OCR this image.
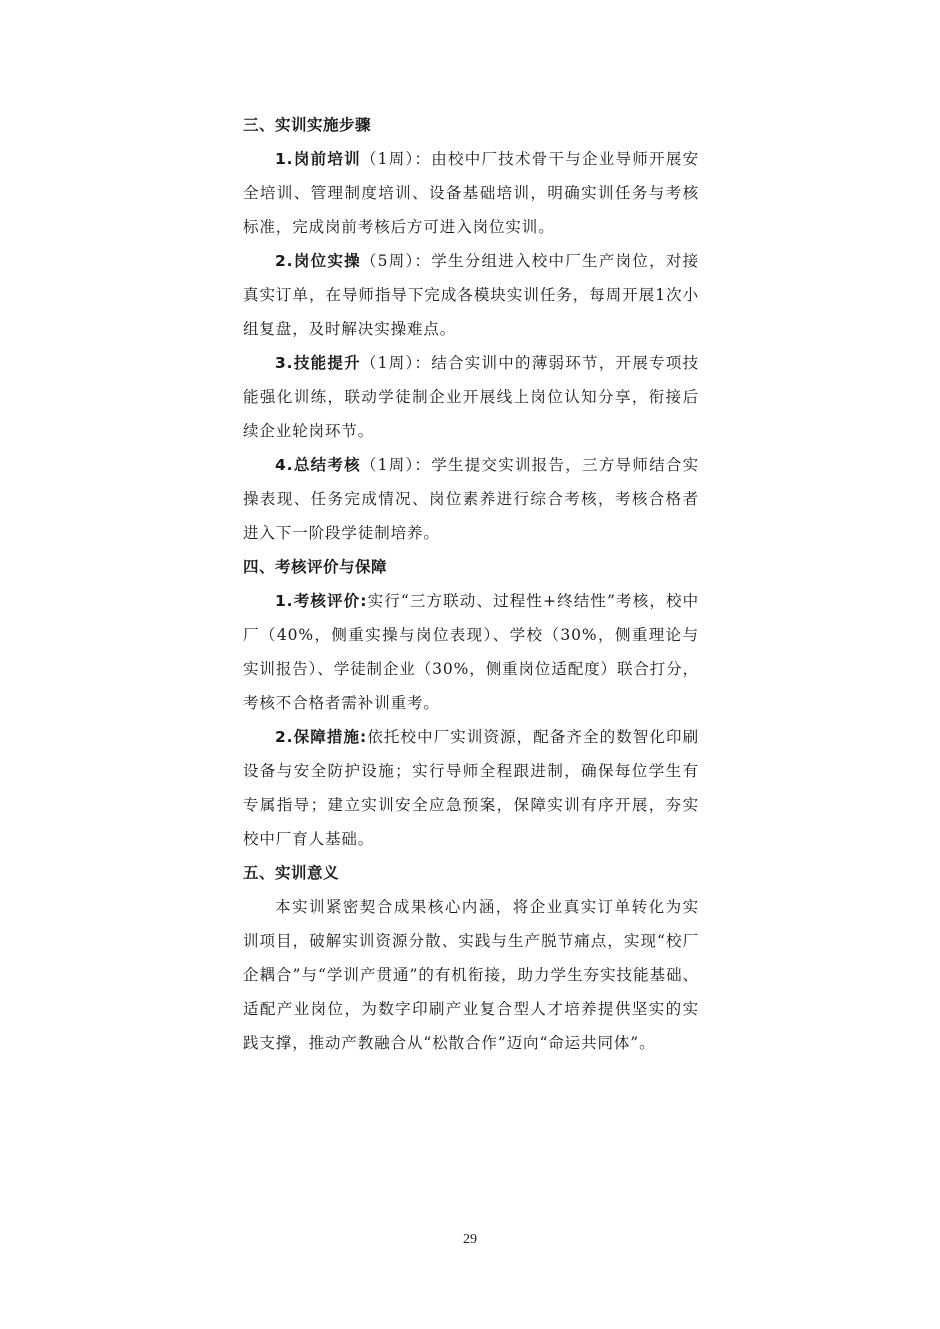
三、实训实施步骤

1.岗前培训（1周）：由校中厂技术骨干与企业导师开展安全培训、管理制度培训、设备基础培训，明确实训任务与考核标准，完成岗前考核后方可进入岗位实训。

2.岗位实操（5周）：学生分组进入校中厂生产岗位，对接真实订单，在导师指导下完成各模块实训任务，每周开展1次小组复盘，及时解决实操难点。

3.技能提升（1周）：结合实训中的薄弱环节，开展专项技能强化训练，联动学徒制企业开展线上岗位认知分享，衔接后续企业轮岗环节。

4.总结考核（1周）：学生提交实训报告，三方导师结合实操表现、任务完成情况、岗位素养进行综合考核，考核合格者进入下一阶段学徒制培养。

四、考核评价与保障

1.考核评价:实行“三方联动、过程性+终结性”考核，校中厂（40%，侧重实操与岗位表现）、学校（30%，侧重理论与实训报告）、学徒制企业（30%，侧重岗位适配度）联合打分，考核不合格者需补训重考。

2.保障措施:依托校中厂实训资源，配备齐全的数智化印刷设备与安全防护设施；实行导师全程跟进制，确保每位学生有专属指导；建立实训安全应急预案，保障实训有序开展，夯实校中厂育人基础。

五、实训意义

本实训紧密契合成果核心内涵，将企业真实订单转化为实训项目，破解实训资源分散、实践与生产脱节痛点，实现“校厂企耦合”与“学训产贯通”的有机衔接，助力学生夯实技能基础、适配产业岗位，为数字印刷产业复合型人才培养提供坚实的实践支撑，推动产教融合从“松散合作”迈向“命运共同体”。

29
